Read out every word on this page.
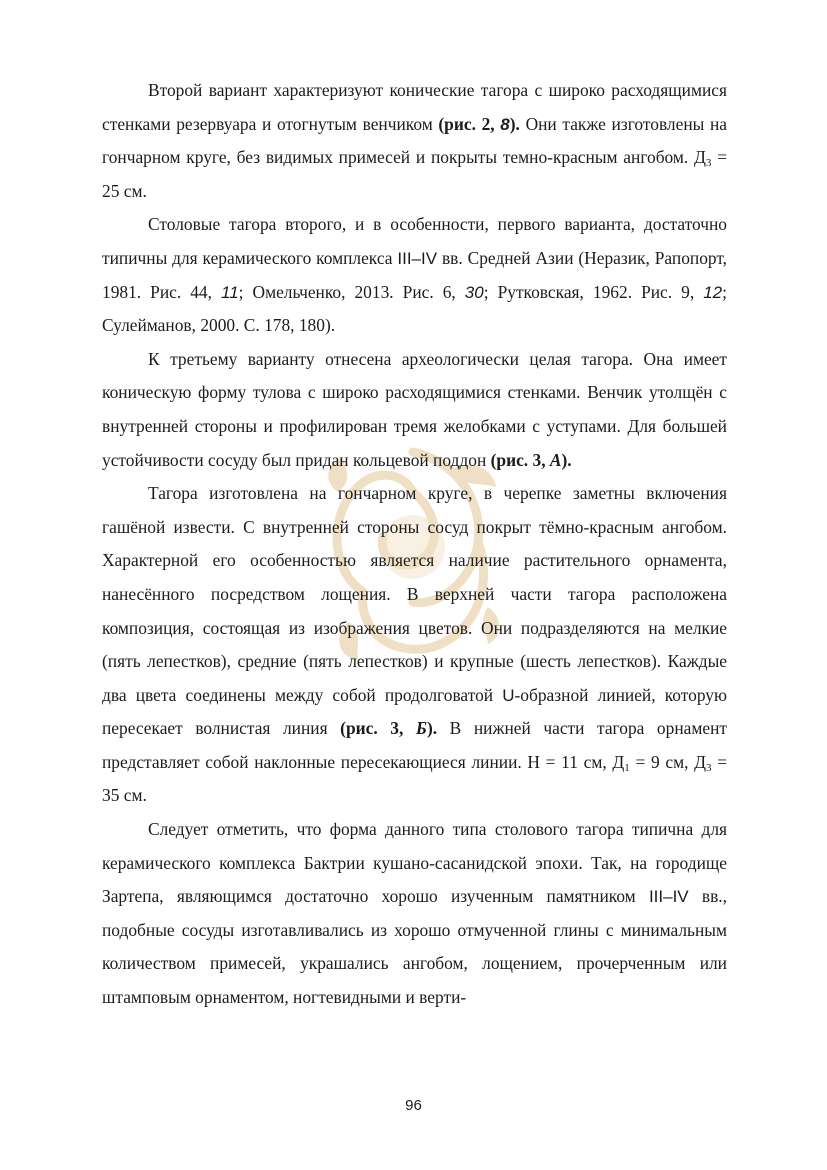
Второй вариант характеризуют конические тагора с широко расходящимися стенками резервуара и отогнутым венчиком (рис. 2, 8). Они также изготовлены на гончарном круге, без видимых примесей и покрыты темно‑красным ангобом. $Д_3 = 25$ см.

Столовые тагора второго, и в особенности, первого варианта, достаточно типичны для керамического комплекса III–IV вв. Средней Азии (Неразик, Рапопорт, 1981. Рис. 44, 11; Омельченко, 2013. Рис. 6, 30; Рутковская, 1962. Рис. 9, 12; Сулейманов, 2000. С. 178, 180).

К третьему варианту отнесена археологически целая тагора. Она имеет коническую форму тулова с широко расходящимися стенками. Венчик утолщён с внутренней стороны и профилирован тремя желобками с уступами. Для большей устойчивости сосуду был придан кольцевой поддон (рис. 3, А).

Тагора изготовлена на гончарном круге, в черепке заметны включения гашёной извести. С внутренней стороны сосуд покрыт тёмно‑красным ангобом. Характерной его особенностью является наличие растительного орнамента, нанесённого посредством лощения. В верхней части тагора расположена композиция, состоящая из изображения цветов. Они подразделяются на мелкие (пять лепестков), средние (пять лепестков) и крупные (шесть лепестков). Каждые два цвета соединены между собой продолговатой U‑образной линией, которую пересекает волнистая линия (рис. 3, Б). В нижней части тагора орнамент представляет собой наклонные пересекающиеся линии. Н = 11 см, $Д_1 = 9$ см, $Д_3 = 35$ см.

Следует отметить, что форма данного типа столового тагора типична для керамического комплекса Бактрии кушано‑сасанидской эпохи. Так, на городище Зартепа, являющимся достаточно хорошо изученным памятником III–IV вв., подобные сосуды изготавливались из хорошо отмученной глины с минимальным количеством примесей, украшались ангобом, лощением, прочерченным или штамповым орнаментом, ногтевидными и верти-

96
